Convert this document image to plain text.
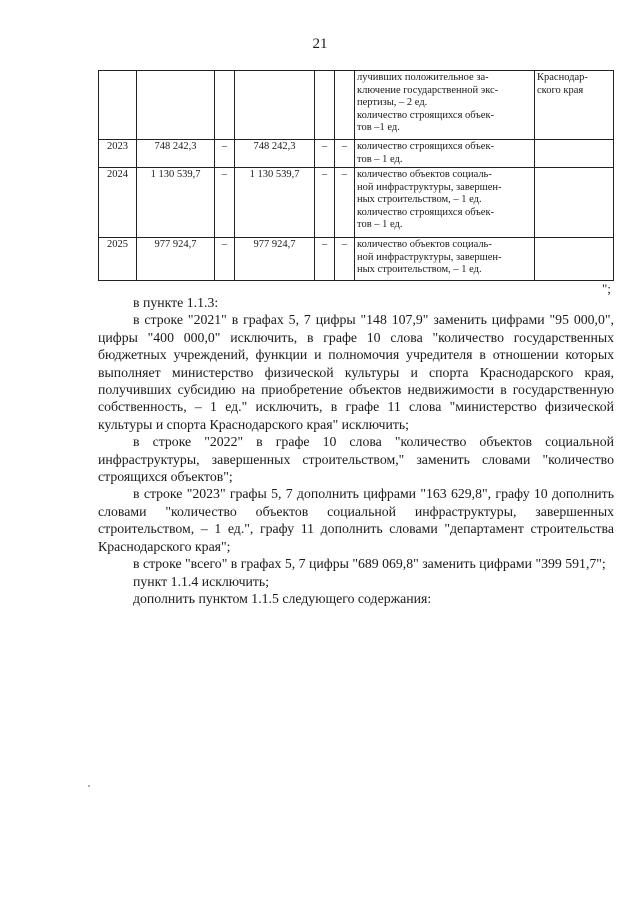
21

						лучивших положительное за-
ключение государственной экс-
пертизы, – 2 ед.
количество строящихся объек-
тов –1 ед.	Краснодар-ского края
2023	748 242,3	–	748 242,3	–	–	количество строящихся объек-
тов – 1 ед.	

2024	1 130 539,7	–	1 130 539,7	–	–	количество объектов социаль-
ной инфраструктуры, завершен-
ных строительством, – 1 ед.
количество строящихся объек-
тов – 1 ед.	

2025	977 924,7	–	977 924,7	–	–	количество объектов социаль-
ной инфраструктуры, завершен-
ных строительством, – 1 ед.	

";

в пункте 1.1.3:

в строке "2021" в графах 5, 7 цифры "148 107,9" заменить цифрами "95 000,0", цифры "400 000,0" исключить, в графе 10 слова "количество государственных бюджетных учреждений, функции и полномочия учредителя в отношении которых выполняет министерство физической культуры и спорта Краснодарского края, получивших субсидию на приобретение объектов недвижимости в государственную собственность, – 1 ед." исключить, в графе 11 слова "министерство физической культуры и спорта Краснодарского края" исключить;

в строке "2022" в графе 10 слова "количество объектов социальной инфраструктуры, завершенных строительством," заменить словами "количество строящихся объектов";

в строке "2023" графы 5, 7 дополнить цифрами "163 629,8", графу 10 дополнить словами "количество объектов социальной инфраструктуры, завершенных строительством, – 1 ед.", графу 11 дополнить словами "департамент строительства Краснодарского края";

в строке "всего" в графах 5, 7 цифры "689 069,8" заменить цифрами "399 591,7";

пункт 1.1.4 исключить;

дополнить пунктом 1.1.5 следующего содержания:
